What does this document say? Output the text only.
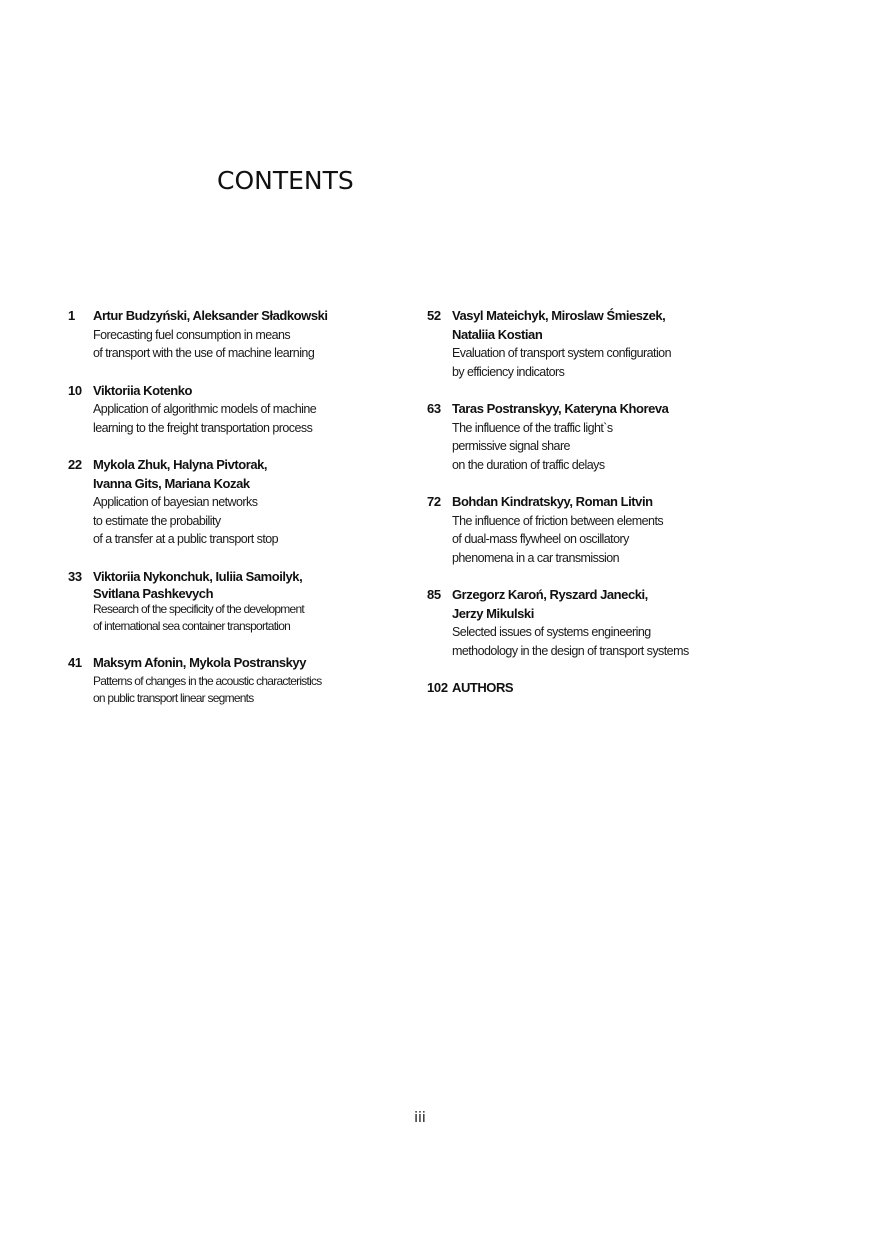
CONTENTS
1	Artur Budzyński, Aleksander Sładkowski
Forecasting fuel consumption in means
of transport with the use of machine learning
10 Viktoriia Kotenko
Application of algorithmic models of machine
learning to the freight transportation process
22 Mykola Zhuk, Halyna Pivtorak,
Ivanna Gits, Mariana Kozak
Application of bayesian networks
to estimate the probability
of a transfer at a public transport stop
33 Viktoriia Nykonchuk, Iuliia Samoilyk,
Svitlana Pashkevych
Research of the specificity of the development
of international sea container transportation
41 Maksym Afonin, Mykola Postranskyy
Patterns of changes in the acoustic characteristics
on public transport linear segments
52 Vasyl Mateichyk, Miroslaw Śmieszek,
Nataliia Kostian
Evaluation of transport system configuration
by efficiency indicators
63 Taras Postranskyy, Kateryna Khoreva
The influence of the traffic light`s
permissive signal share
on the duration of traffic delays
72 Bohdan Kindratskyy, Roman Litvin
The influence of friction between elements
of dual-mass flywheel on oscillatory
phenomena in a car transmission
85 Grzegorz Karoń, Ryszard Janecki,
Jerzy Mikulski
Selected issues of systems engineering
methodology in the design of transport systems
102 AUTHORS
iii
